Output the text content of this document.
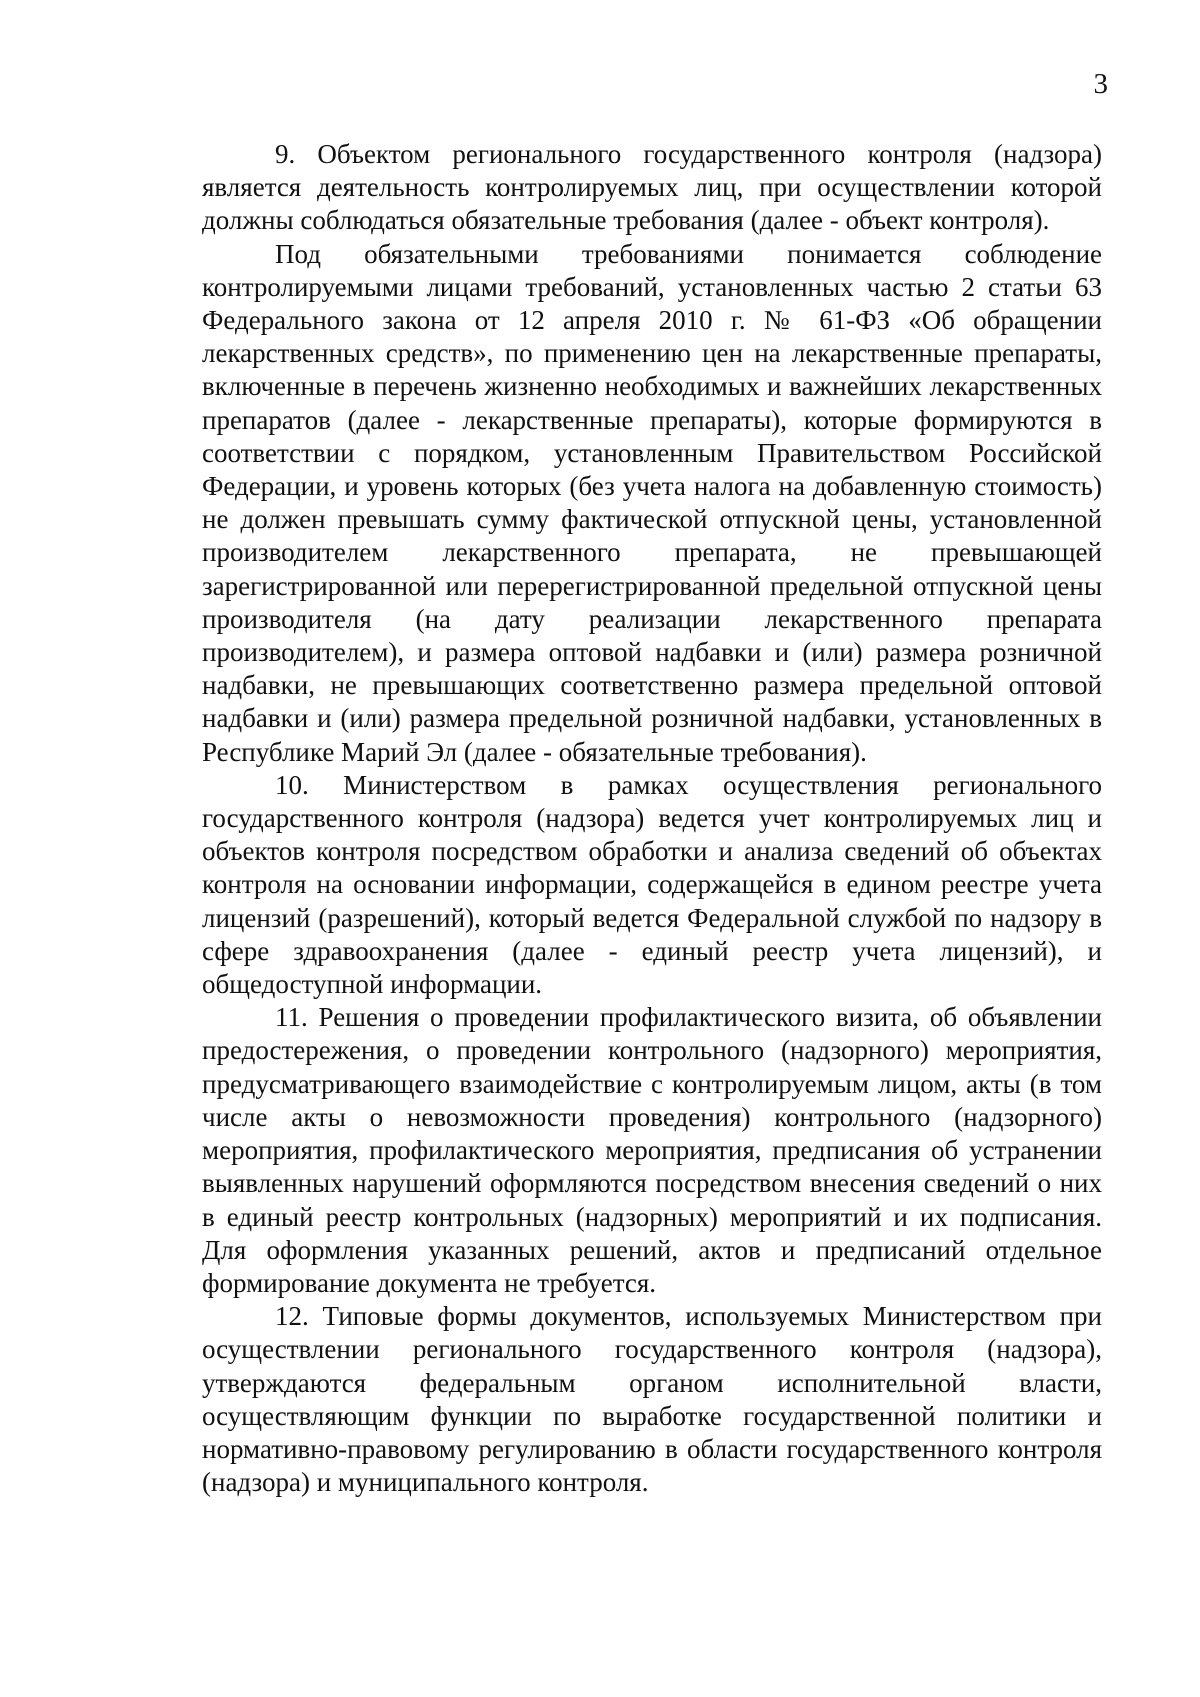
3

9. Объектом регионального государственного контроля (надзора) является деятельность контролируемых лиц, при осуществлении которой должны соблюдаться обязательные требования (далее - объект контроля).

Под обязательными требованиями понимается соблюдение контролируемыми лицами требований, установленных частью 2 статьи 63 Федерального закона от 12 апреля 2010 г. № 61-ФЗ «Об обращении лекарственных средств», по применению цен на лекарственные препараты, включенные в перечень жизненно необходимых и важнейших лекарственных препаратов (далее - лекарственные препараты), которые формируются в соответствии с порядком, установленным Правительством Российской Федерации, и уровень которых (без учета налога на добавленную стоимость) не должен превышать сумму фактической отпускной цены, установленной производителем лекарственного препарата, не превышающей зарегистрированной или перерегистрированной предельной отпускной цены производителя (на дату реализации лекарственного препарата производителем), и размера оптовой надбавки и (или) размера розничной надбавки, не превышающих соответственно размера предельной оптовой надбавки и (или) размера предельной розничной надбавки, установленных в Республике Марий Эл (далее - обязательные требования).

10. Министерством в рамках осуществления регионального государственного контроля (надзора) ведется учет контролируемых лиц и объектов контроля посредством обработки и анализа сведений об объектах контроля на основании информации, содержащейся в едином реестре учета лицензий (разрешений), который ведется Федеральной службой по надзору в сфере здравоохранения (далее - единый реестр учета лицензий), и общедоступной информации.

11. Решения о проведении профилактического визита, об объявлении предостережения, о проведении контрольного (надзорного) мероприятия, предусматривающего взаимодействие с контролируемым лицом, акты (в том числе акты о невозможности проведения) контрольного (надзорного) мероприятия, профилактического мероприятия, предписания об устранении выявленных нарушений оформляются посредством внесения сведений о них в единый реестр контрольных (надзорных) мероприятий и их подписания. Для оформления указанных решений, актов и предписаний отдельное формирование документа не требуется.

12. Типовые формы документов, используемых Министерством при осуществлении регионального государственного контроля (надзора), утверждаются федеральным органом исполнительной власти, осуществляющим функции по выработке государственной политики и нормативно-правовому регулированию в области государственного контроля (надзора) и муниципального контроля.
